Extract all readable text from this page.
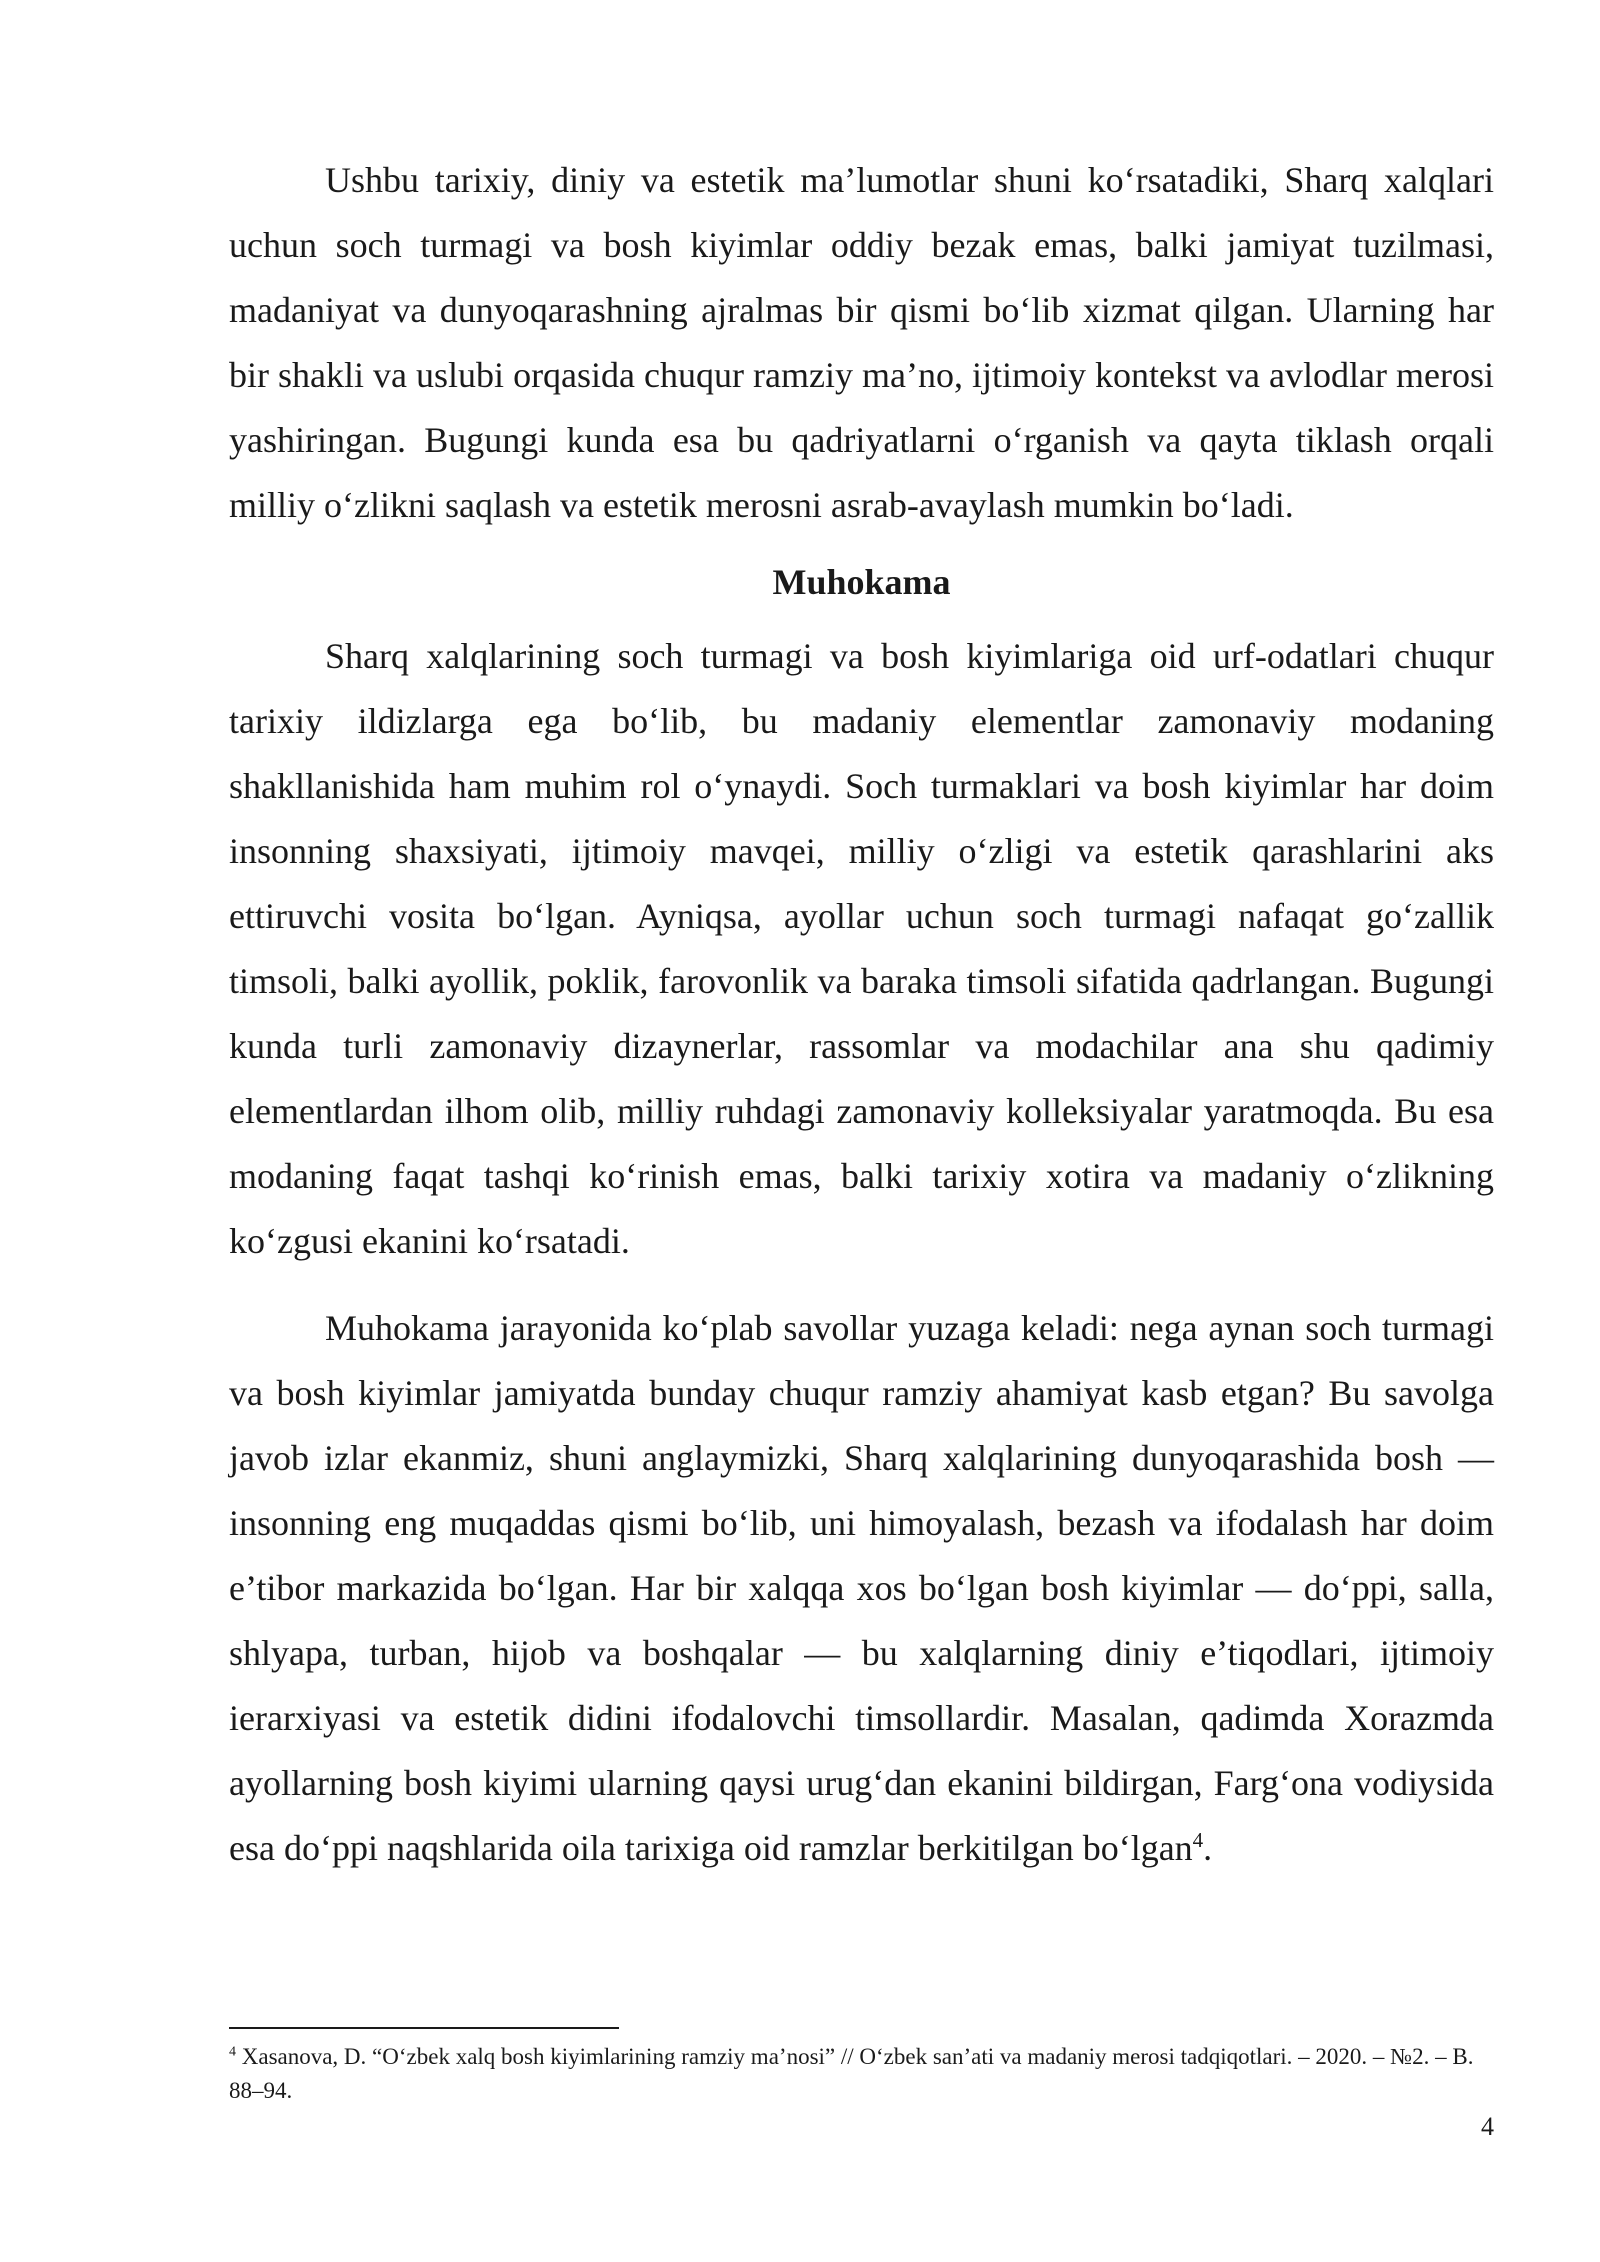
Ushbu tarixiy, diniy va estetik ma’lumotlar shuni ko‘rsatadiki, Sharq xalqlari uchun soch turmagi va bosh kiyimlar oddiy bezak emas, balki jamiyat tuzilmasi, madaniyat va dunyoqarashning ajralmas bir qismi bo‘lib xizmat qilgan. Ularning har bir shakli va uslubi orqasida chuqur ramziy ma’no, ijtimoiy kontekst va avlodlar merosi yashiringan. Bugungi kunda esa bu qadriyatlarni o‘rganish va qayta tiklash orqali milliy o‘zlikni saqlash va estetik merosni asrab-avaylash mumkin bo‘ladi.

Muhokama

Sharq xalqlarining soch turmagi va bosh kiyimlariga oid urf-odatlari chuqur tarixiy ildizlarga ega bo‘lib, bu madaniy elementlar zamonaviy modaning shakllanishida ham muhim rol o‘ynaydi. Soch turmaklari va bosh kiyimlar har doim insonning shaxsiyati, ijtimoiy mavqei, milliy o‘zligi va estetik qarashlarini aks ettiruvchi vosita bo‘lgan. Ayniqsa, ayollar uchun soch turmagi nafaqat go‘zallik timsoli, balki ayollik, poklik, farovonlik va baraka timsoli sifatida qadrlangan. Bugungi kunda turli zamonaviy dizaynerlar, rassomlar va modachilar ana shu qadimiy elementlardan ilhom olib, milliy ruhdagi zamonaviy kolleksiyalar yaratmoqda. Bu esa modaning faqat tashqi ko‘rinish emas, balki tarixiy xotira va madaniy o‘zlikning ko‘zgusi ekanini ko‘rsatadi.

Muhokama jarayonida ko‘plab savollar yuzaga keladi: nega aynan soch turmagi va bosh kiyimlar jamiyatda bunday chuqur ramziy ahamiyat kasb etgan? Bu savolga javob izlar ekanmiz, shuni anglaymizki, Sharq xalqlarining dunyoqarashida bosh — insonning eng muqaddas qismi bo‘lib, uni himoyalash, bezash va ifodalash har doim e’tibor markazida bo‘lgan. Har bir xalqqa xos bo‘lgan bosh kiyimlar — do‘ppi, salla, shlyapa, turban, hijob va boshqalar — bu xalqlarning diniy e’tiqodlari, ijtimoiy ierarxiyasi va estetik didini ifodalovchi timsollardir. Masalan, qadimda Xorazmda ayollarning bosh kiyimi ularning qaysi urug‘dan ekanini bildirgan, Farg‘ona vodiysida esa do‘ppi naqshlarida oila tarixiga oid ramzlar berkitilgan bo‘lgan$^4$.

$^4$ Xasanova, D. “O‘zbek xalq bosh kiyimlarining ramziy ma’nosi” // O‘zbek san’ati va madaniy merosi tadqiqotlari. – 2020. – №2. – B. 88–94.

4
